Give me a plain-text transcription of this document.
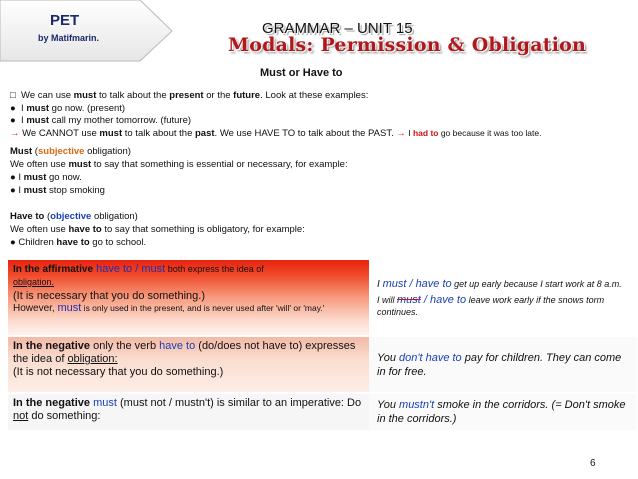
PET
by Matifmarin.
GRAMMAR – UNIT 15
Modals: Permission & Obligation
Must or Have to
□ We can use must to talk about the present or the future. Look at these examples:
● I must go now. (present)
● I must call my mother tomorrow. (future)
→ We CANNOT use must to talk about the past. We use HAVE TO to talk about the PAST. → I had to go because it was too late.
Must (subjective obligation)
We often use must to say that something is essential or necessary, for example:
● I must go now.
● I must stop smoking
Have to (objective obligation)
We often use have to to say that something is obligatory, for example:
● Children have to go to school.
In the affirmative have to / must both express the idea of
obligation.
(It is necessary that you do something.)
However, must is only used in the present, and is never used after 'will' or 'may.'
I must / have to get up early because I start work at 8 a.m.
I will must / have to leave work early if the snows torm continues.
In the negative only the verb have to (do/does not have to) expresses the idea of obligation:
(It is not necessary that you do something.)
You don't have to pay for children. They can come in for free.
In the negative must (must not / mustn't) is similar to an imperative: Do not do something:
You mustn't smoke in the corridors. (= Don't smoke in the corridors.)
6
